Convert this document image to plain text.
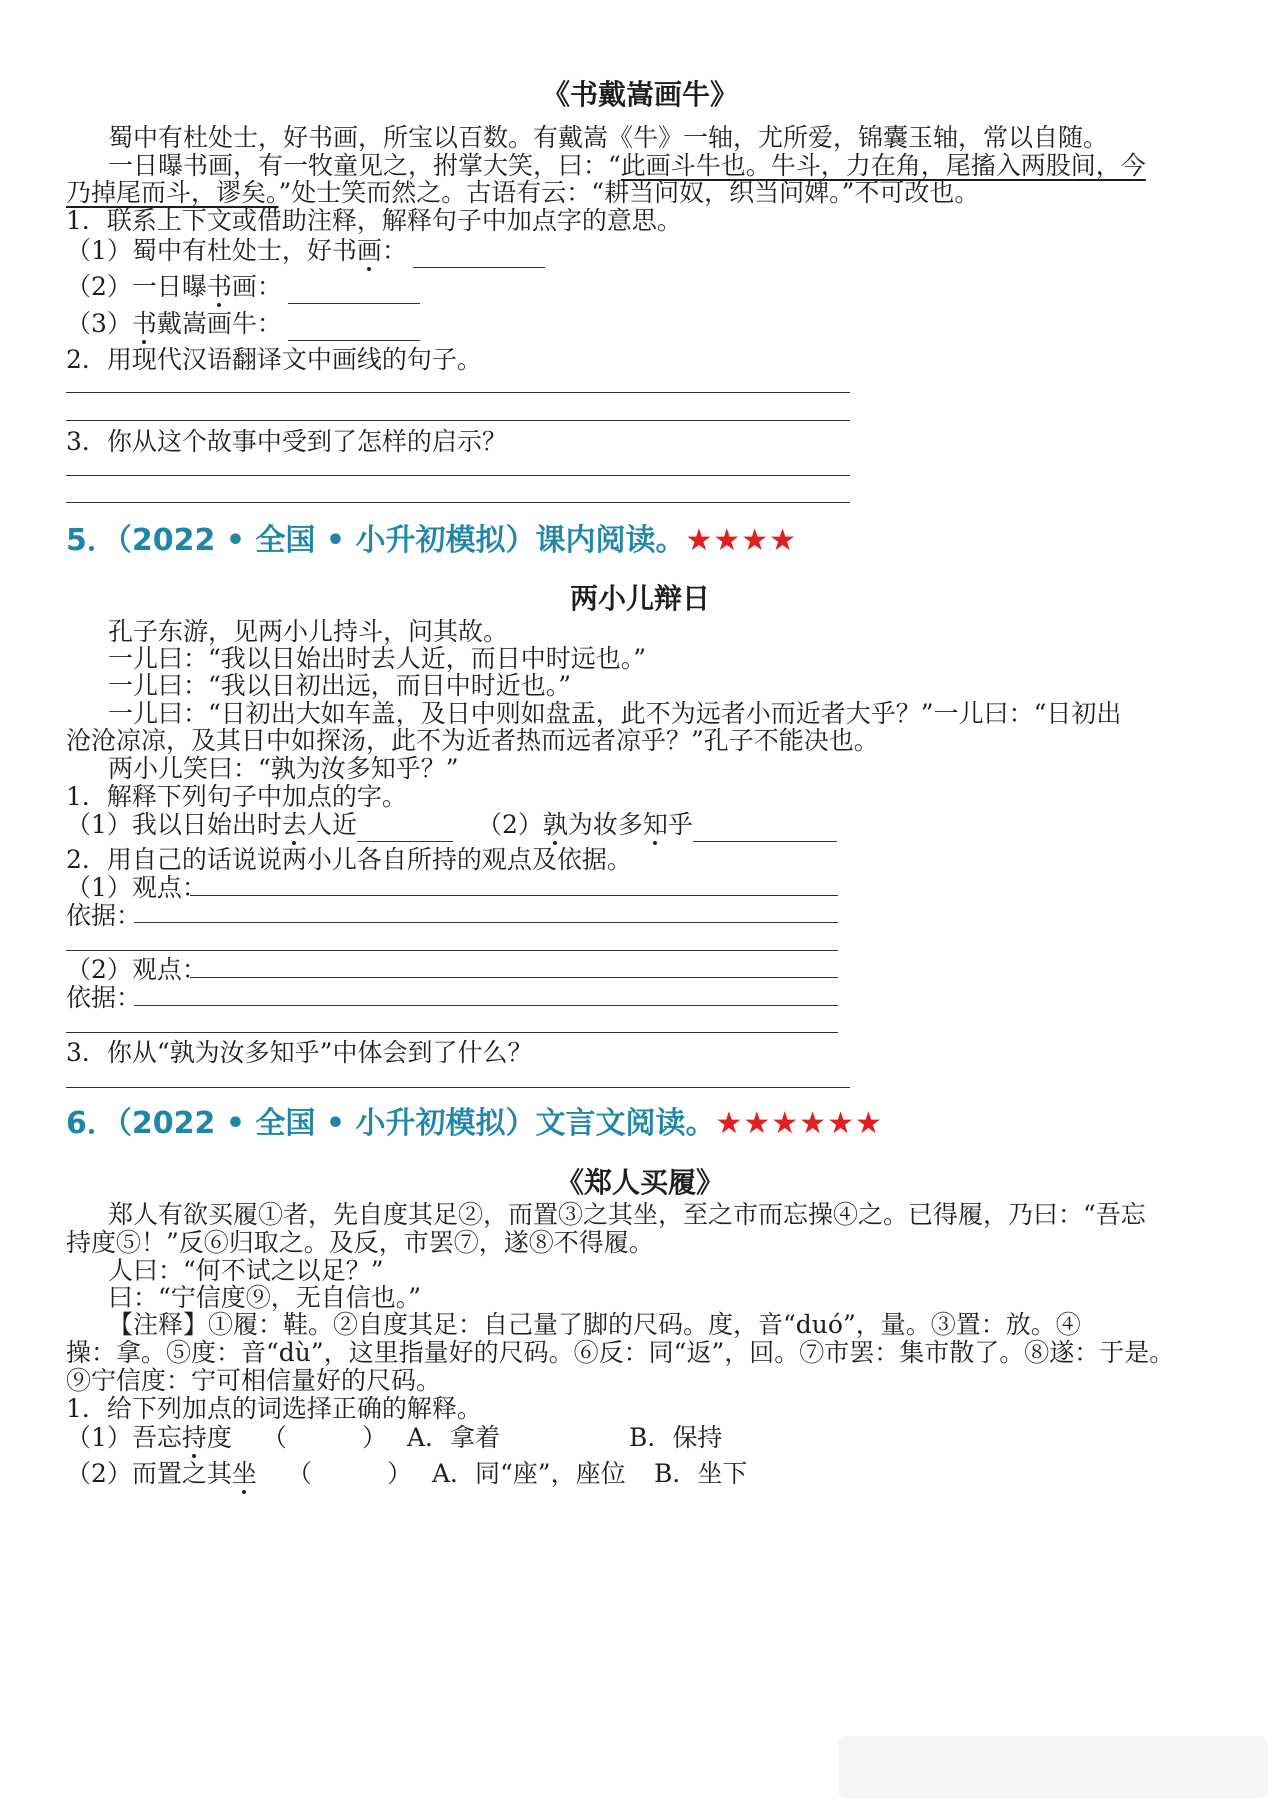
《书戴嵩画牛》
蜀中有杜处士，好书画，所宝以百数。有戴嵩《牛》一轴，尤所爱，锦囊玉轴，常以自随。
一日曝书画，有一牧童见之，拊掌大笑，曰：“此画斗牛也。牛斗，力在角，尾搐入两股间，今
乃掉尾而斗，谬矣。”处士笑而然之。古语有云：“耕当问奴，织当问婢。”不可改也。
1．联系上下文或借助注释，解释句子中加点字的意思。
（1）蜀中有杜处士，好书画：
（2）一日曝书画：
（3）书戴嵩画牛：
2．用现代汉语翻译文中画线的句子。
3．你从这个故事中受到了怎样的启示？
5．（2022 • 全国 • 小升初模拟）课内阅读。★★★★
两小儿辩日
孔子东游，见两小儿持斗，问其故。
一儿曰：“我以日始出时去人近，而日中时远也。”
一儿曰：“我以日初出远，而日中时近也。”
一儿曰：“日初出大如车盖，及日中则如盘盂，此不为远者小而近者大乎？”一儿曰：“日初出
沧沧凉凉，及其日中如探汤，此不为近者热而远者凉乎？”孔子不能决也。
两小儿笑曰：“孰为汝多知乎？”
1．解释下列句子中加点的字。
（1）我以日始出时去人近	（2）孰为妆多知乎
2．用自己的话说说两小儿各自所持的观点及依据。
（1）观点：
依据：
（2）观点：
依据：
3．你从“孰为汝多知乎”中体会到了什么？
6．（2022 • 全国 • 小升初模拟）文言文阅读。★★★★★★
《郑人买履》
郑人有欲买履①者，先自度其足②，而置③之其坐，至之市而忘操④之。已得履，乃曰：“吾忘
持度⑤！”反⑥归取之。及反，市罢⑦，遂⑧不得履。
人曰：“何不试之以足？”
曰：“宁信度⑨，无自信也。”
【注释】①履：鞋。②自度其足：自己量了脚的尺码。度，音“duó”，量。③置：放。④
操：拿。⑤度：音“dù”，这里指量好的尺码。⑥反：同“返”，回。⑦市罢：集市散了。⑧遂：于是。
⑨宁信度：宁可相信量好的尺码。
1．给下列加点的词选择正确的解释。
（1）吾忘持度 （　　　） A．拿着	B．保持
（2）而置之其坐 （　　　） A．同“座”，座位 B．坐下
